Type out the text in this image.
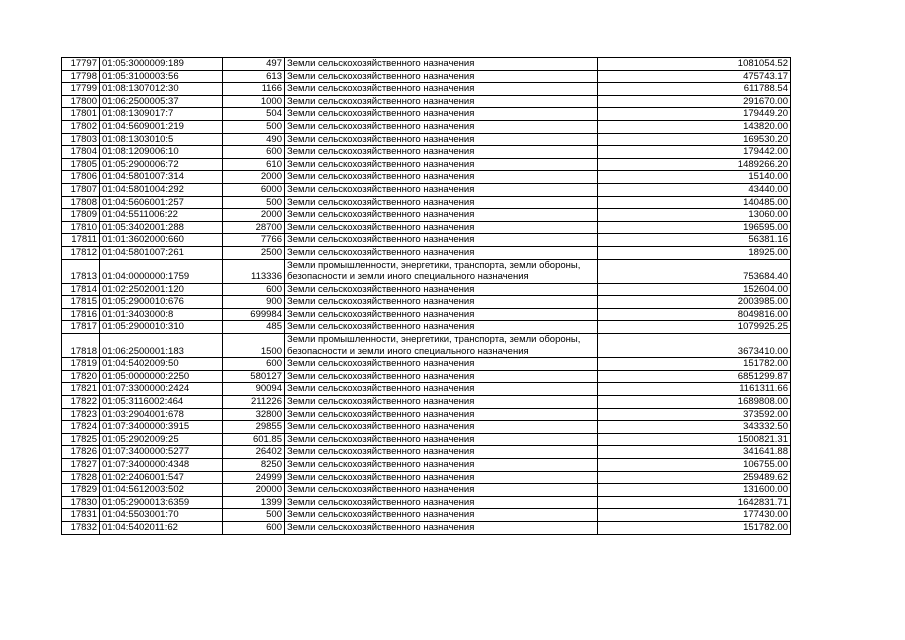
17797	01:05:3000009:189	497	Земли сельскохозяйственного назначения	1081054.52
17798	01:05:3100003:56	613	Земли сельскохозяйственного назначения	475743.17
17799	01:08:1307012:30	1166	Земли сельскохозяйственного назначения	611788.54
17800	01:06:2500005:37	1000	Земли сельскохозяйственного назначения	291670.00
17801	01:08:1309017:7	504	Земли сельскохозяйственного назначения	179449.20
17802	01:04:5609001:219	500	Земли сельскохозяйственного назначения	143820.00
17803	01:08:1303010:5	490	Земли сельскохозяйственного назначения	169530.20
17804	01:08:1209006:10	600	Земли сельскохозяйственного назначения	179442.00
17805	01:05:2900006:72	610	Земли сельскохозяйственного назначения	1489266.20
17806	01:04:5801007:314	2000	Земли сельскохозяйственного назначения	15140.00
17807	01:04:5801004:292	6000	Земли сельскохозяйственного назначения	43440.00
17808	01:04:5606001:257	500	Земли сельскохозяйственного назначения	140485.00
17809	01:04:5511006:22	2000	Земли сельскохозяйственного назначения	13060.00
17810	01:05:3402001:288	28700	Земли сельскохозяйственного назначения	196595.00
17811	01:01:3602000:660	7766	Земли сельскохозяйственного назначения	56381.16
17812	01:04:5801007:261	2500	Земли сельскохозяйственного назначения	18925.00
17813	01:04:0000000:1759	113336	Земли промышленности, энергетики, транспорта, земли обороны, безопасности и земли иного специального назначения	753684.40
17814	01:02:2502001:120	600	Земли сельскохозяйственного назначения	152604.00
17815	01:05:2900010:676	900	Земли сельскохозяйственного назначения	2003985.00
17816	01:01:3403000:8	699984	Земли сельскохозяйственного назначения	8049816.00
17817	01:05:2900010:310	485	Земли сельскохозяйственного назначения	1079925.25
17818	01:06:2500001:183	1500	Земли промышленности, энергетики, транспорта, земли обороны, безопасности и земли иного специального назначения	3673410.00
17819	01:04:5402009:50	600	Земли сельскохозяйственного назначения	151782.00
17820	01:05:0000000:2250	580127	Земли сельскохозяйственного назначения	6851299.87
17821	01:07:3300000:2424	90094	Земли сельскохозяйственного назначения	1161311.66
17822	01:05:3116002:464	211226	Земли сельскохозяйственного назначения	1689808.00
17823	01:03:2904001:678	32800	Земли сельскохозяйственного назначения	373592.00
17824	01:07:3400000:3915	29855	Земли сельскохозяйственного назначения	343332.50
17825	01:05:2902009:25	601.85	Земли сельскохозяйственного назначения	1500821.31
17826	01:07:3400000:5277	26402	Земли сельскохозяйственного назначения	341641.88
17827	01:07:3400000:4348	8250	Земли сельскохозяйственного назначения	106755.00
17828	01:02:2406001:547	24999	Земли сельскохозяйственного назначения	259489.62
17829	01:04:5612003:502	20000	Земли сельскохозяйственного назначения	131600.00
17830	01:05:2900013:6359	1399	Земли сельскохозяйственного назначения	1642831.71
17831	01:04:5503001:70	500	Земли сельскохозяйственного назначения	177430.00
17832	01:04:5402011:62	600	Земли сельскохозяйственного назначения	151782.00
